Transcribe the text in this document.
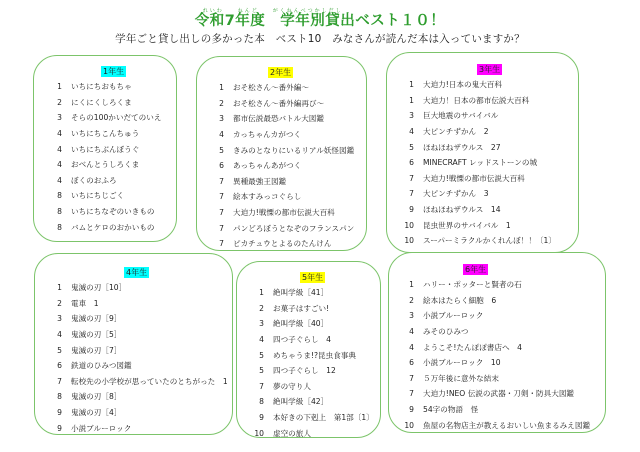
れいわ　　ねんど　　がくねんべつかしだし
令和7年度　学年別貸出ベスト１０！
学年ごと貸し出しの多かった本　ベスト10　みなさんが読んだ本は入っていますか？
1年生
1 いちにちおもちゃ
2 にくにくしろくま
3 そらの100かいだてのいえ
4 いちにちこんちゅう
4 いちにちぶんぼうぐ
4 おべんとうしろくま
4 ぼくのおふろ
8 いちにちじごく
8 いちにちなぞのいきもの
8 バムとケロのおかいもの
2年生
1 おそ松さん～番外編～
2 おそ松さん～番外編再び～
3 都市伝説最恐バトル大図鑑
4 カっちゃんカがつく
5 きみのとなりにいるリアル妖怪図鑑
6 あっちゃんあがつく
7 異種最強王図鑑
7 絵本すみっコぐらし
7 大迫力!戦慄の都市伝説大百科
7 パンどろぼうとなぞのフランスパン
7 ピカチュウとよるのたんけん
3年生
1 大迫力!日本の鬼大百科
1 大迫力！日本の都市伝説大百科
3 巨大地震のサバイバル
4 大ピンチずかん　2
5 ほねほねザウルス　27
6 MINECRAFT レッドストーンの城
7 大迫力!戦慄の都市伝説大百科
7 大ピンチずかん　3
9 ほねほねザウルス　14
10 昆虫世界のサバイバル　1
10 スーパーミラクルかくれんぼ！！〔1〕
4年生
1 鬼滅の刃［10］
2 電車　1
3 鬼滅の刃［9］
4 鬼滅の刃［5］
5 鬼滅の刃［7］
6 鉄道のひみつ図鑑
7 転校先の小学校が思っていたのとちがった　1
8 鬼滅の刃［8］
9 鬼滅の刃［4］
9 小説ブルーロック
5年生
1 絶叫学級［41］
2 お菓子はすごい!
3 絶叫学級［40］
4 四つ子ぐらし　4
5 めちゃうま!?昆虫食事典
5 四つ子ぐらし　12
7 夢の守り人
8 絶叫学級［42］
9 本好きの下剋上　第1部〔1〕
10 虚空の旅人
6年生
1 ハリー・ポッターと賢者の石
2 絵本はたらく細胞　6
3 小説ブルーロック
4 みそのひみつ
4 ようこそ!たんぽぽ書店へ　4
6 小説ブルーロック　10
7 ５万年後に意外な結末
7 大迫力!NEO 伝説の武器・刀剣・防具大図鑑
9 54字の物語　怪
10 魚屋の名物店主が教えるおいしい魚まるみえ図鑑
